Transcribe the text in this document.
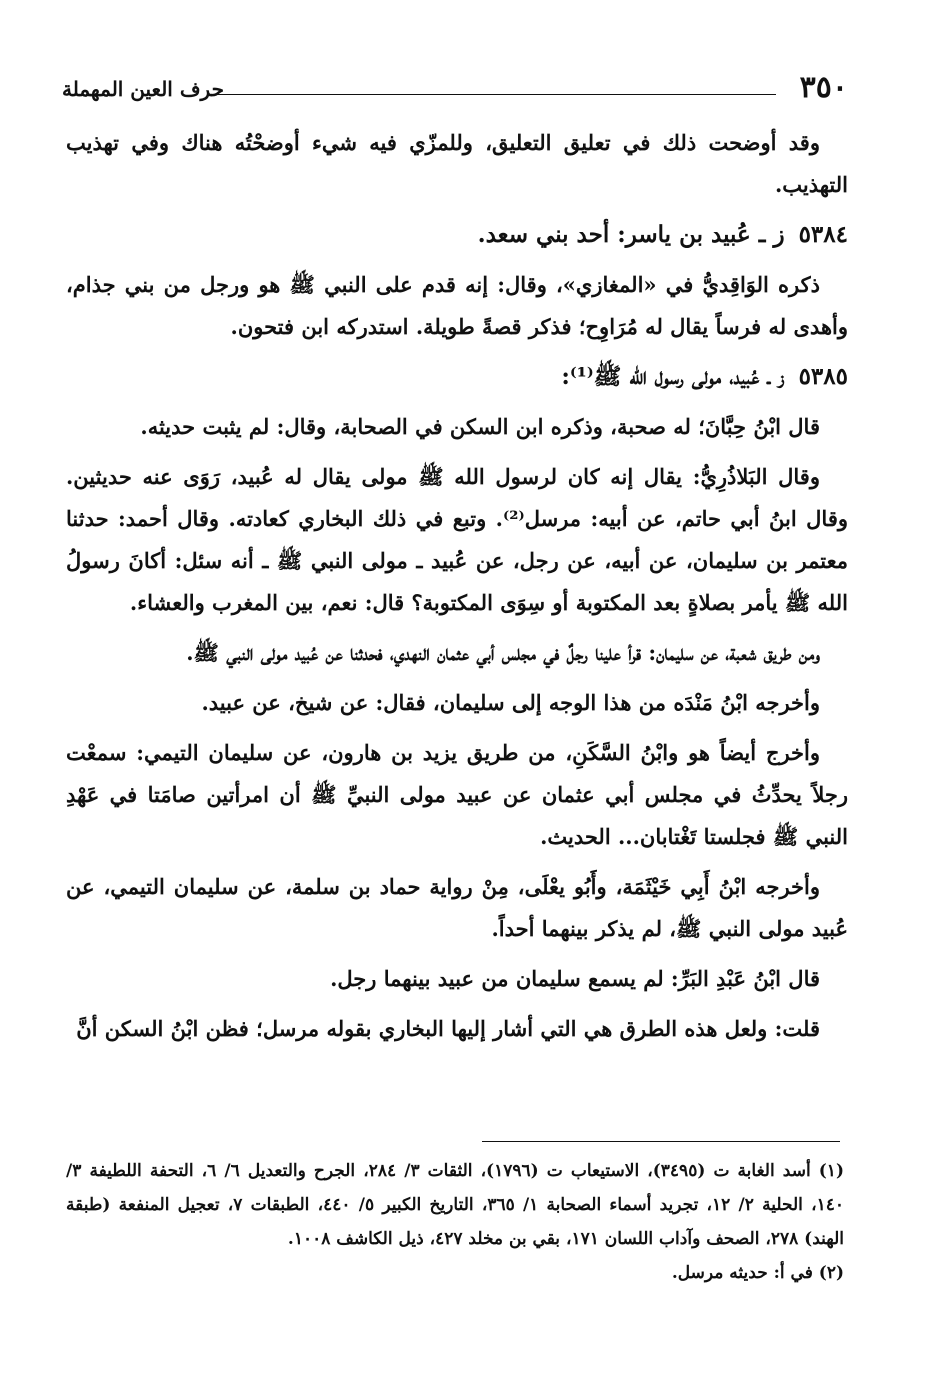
٣٥٠
حرف العين المهملة

وقد أوضحت ذلك في تعليق التعليق، وللمزّي فيه شيء أوضحْتُه هناك وفي تهذيب التهذيب.

٥٣٨٤ ز ـ عُبيد بن ياسر: أحد بني سعد.

ذكره الوَاقِديُّ في «المغازي»، وقال: إنه قدم على النبي ﷺ هو ورجل من بني جذام، وأهدى له فرساً يقال له مُرَاوِح؛ فذكر قصةً طويلة. استدركه ابن فتحون.

٥٣٨٥ ز ـ عُبيد، مولى رسول الله ﷺ⁽¹⁾:

قال ابْنُ حِبَّانَ؛ له صحبة، وذكره ابن السكن في الصحابة، وقال: لم يثبت حديثه.

وقال البَلاذُرِيُّ: يقال إنه كان لرسول الله ﷺ مولى يقال له عُبيد، رَوَى عنه حديثين. وقال ابنُ أبي حاتم، عن أبيه: مرسل⁽²⁾. وتبع في ذلك البخاري كعادته. وقال أحمد: حدثنا معتمر بن سليمان، عن أبيه، عن رجل، عن عُبيد ـ مولى النبي ﷺ ـ أنه سئل: أكانَ رسولُ الله ﷺ يأمر بصلاةٍ بعد المكتوبة أو سِوَى المكتوبة؟ قال: نعم، بين المغرب والعشاء.

ومن طريق شعبة، عن سليمان: قرأ علينا رجلٌ في مجلس أبي عثمان النهدي، فحدثنا عن عُبيد مولى النبي ﷺ.

وأخرجه ابْنُ مَنْدَه من هذا الوجه إلى سليمان، فقال: عن شيخ، عن عبيد.

وأخرج أيضاً هو وابْنُ السَّكَنِ، من طريق يزيد بن هارون، عن سليمان التيمي: سمعْت رجلاً يحدِّثُ في مجلس أبي عثمان عن عبيد مولى النبيِّ ﷺ أن امرأتين صامَتا في عَهْدِ النبي ﷺ فجلستا تَغْتابان... الحديث.

وأخرجه ابْنُ أَبِي خَيْثَمَة، وأَبُو يعْلَى، مِنْ رواية حماد بن سلمة، عن سليمان التيمي، عن عُبيد مولى النبي ﷺ، لم يذكر بينهما أحداً.

قال ابْنُ عَبْدِ البَرِّ: لم يسمع سليمان من عبيد بينهما رجل.

قلت: ولعل هذه الطرق هي التي أشار إليها البخاري بقوله مرسل؛ فظن ابْنُ السكن أنَّ

(١) أسد الغابة ت (٣٤٩٥)، الاستيعاب ت (١٧٩٦)، الثقات ٣/ ٢٨٤، الجرح والتعديل ٦/ ٦، التحفة اللطيفة ٣/ ١٤٠، الحلية ٢/ ١٢، تجريد أسماء الصحابة ١/ ٣٦٥، التاريخ الكبير ٥/ ٤٤٠، الطبقات ٧، تعجيل المنفعة (طبقة الهند) ٢٧٨، الصحف وآداب اللسان ١٧١، بقي بن مخلد ٤٢٧، ذيل الكاشف ١٠٠٨.

(٢) في أ: حديثه مرسل.
